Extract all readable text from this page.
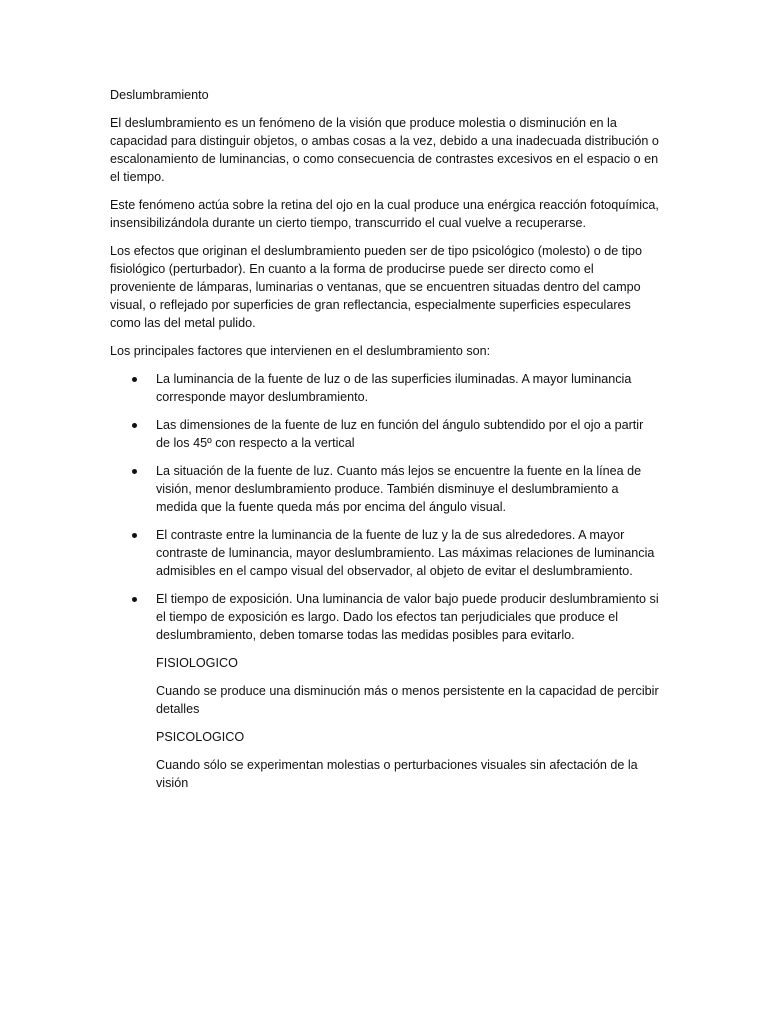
Deslumbramiento

El deslumbramiento es un fenómeno de la visión que produce molestia o disminución en la capacidad para distinguir objetos, o ambas cosas a la vez, debido a una inadecuada distribución o escalonamiento de luminancias, o como consecuencia de contrastes excesivos en el espacio o en el tiempo.

Este fenómeno actúa sobre la retina del ojo en la cual produce una enérgica reacción fotoquímica, insensibilizándola durante un cierto tiempo, transcurrido el cual vuelve a recuperarse.

Los efectos que originan el deslumbramiento pueden ser de tipo psicológico (molesto) o de tipo fisiológico (perturbador). En cuanto a la forma de producirse puede ser directo como el proveniente de lámparas, luminarias o ventanas, que se encuentren situadas dentro del campo visual, o reflejado por superficies de gran reflectancia, especialmente superficies especulares como las del metal pulido.

Los principales factores que intervienen en el deslumbramiento son:

La luminancia de la fuente de luz o de las superficies iluminadas. A mayor luminancia corresponde mayor deslumbramiento.
Las dimensiones de la fuente de luz en función del ángulo subtendido por el ojo a partir de los 45º con respecto a la vertical
La situación de la fuente de luz. Cuanto más lejos se encuentre la fuente en la línea de visión, menor deslumbramiento produce. También disminuye el deslumbramiento a medida que la fuente queda más por encima del ángulo visual.
El contraste entre la luminancia de la fuente de luz y la de sus alrededores. A mayor contraste de luminancia, mayor deslumbramiento. Las máximas relaciones de luminancia admisibles en el campo visual del observador, al objeto de evitar el deslumbramiento.
El tiempo de exposición. Una luminancia de valor bajo puede producir deslumbramiento si el tiempo de exposición es largo. Dado los efectos tan perjudiciales que produce el deslumbramiento, deben tomarse todas las medidas posibles para evitarlo.

FISIOLOGICO

Cuando se produce una disminución más o menos persistente en la capacidad de percibir detalles

PSICOLOGICO

Cuando sólo se experimentan molestias o perturbaciones visuales sin afectación de la visión
